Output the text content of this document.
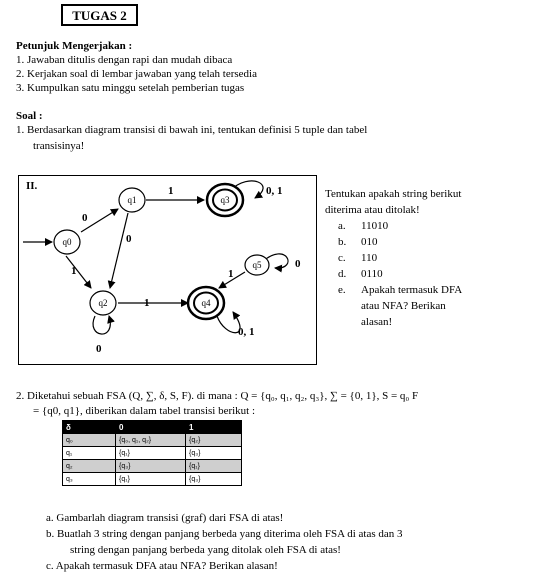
TUGAS 2
Petunjuk Mengerjakan :
1. Jawaban ditulis dengan rapi dan mudah dibaca
2. Kerjakan soal di lembar jawaban yang telah tersedia
3. Kumpulkan satu minggu setelah pemberian tugas
Soal :
1. Berdasarkan diagram transisi di bawah ini, tentukan definisi 5 tuple dan tabel
transisinya!
II.
0
1
0
1
1
0, 1
1
0
0, 1
0
q0
q1
q2
q3
q4
q5
Tentukan apakah string berikut
diterima atau ditolak!
a. 11010
b. 010
c. 110
d. 0110
e. Apakah termasuk DFA
atau NFA? Berikan
alasan!
2. Diketahui sebuah FSA (Q, ∑, δ, S, F). di mana : Q = {q₀, q₁, q₂, q₃}, ∑ = {0, 1}, S = q₀ F
= {q0, q1}, diberikan dalam tabel transisi berikut :
δ	0	1
q₀	{q₀, q₁, q₂}	{q₂}
q₁	{q₁}	{q₃}
q₂	{q₃}	{q₁}
q₃	{q₁}	{q₃}
a. Gambarlah diagram transisi (graf) dari FSA di atas!
b. Buatlah 3 string dengan panjang berbeda yang diterima oleh FSA di atas dan 3
string dengan panjang berbeda yang ditolak oleh FSA di atas!
c. Apakah termasuk DFA atau NFA? Berikan alasan!
